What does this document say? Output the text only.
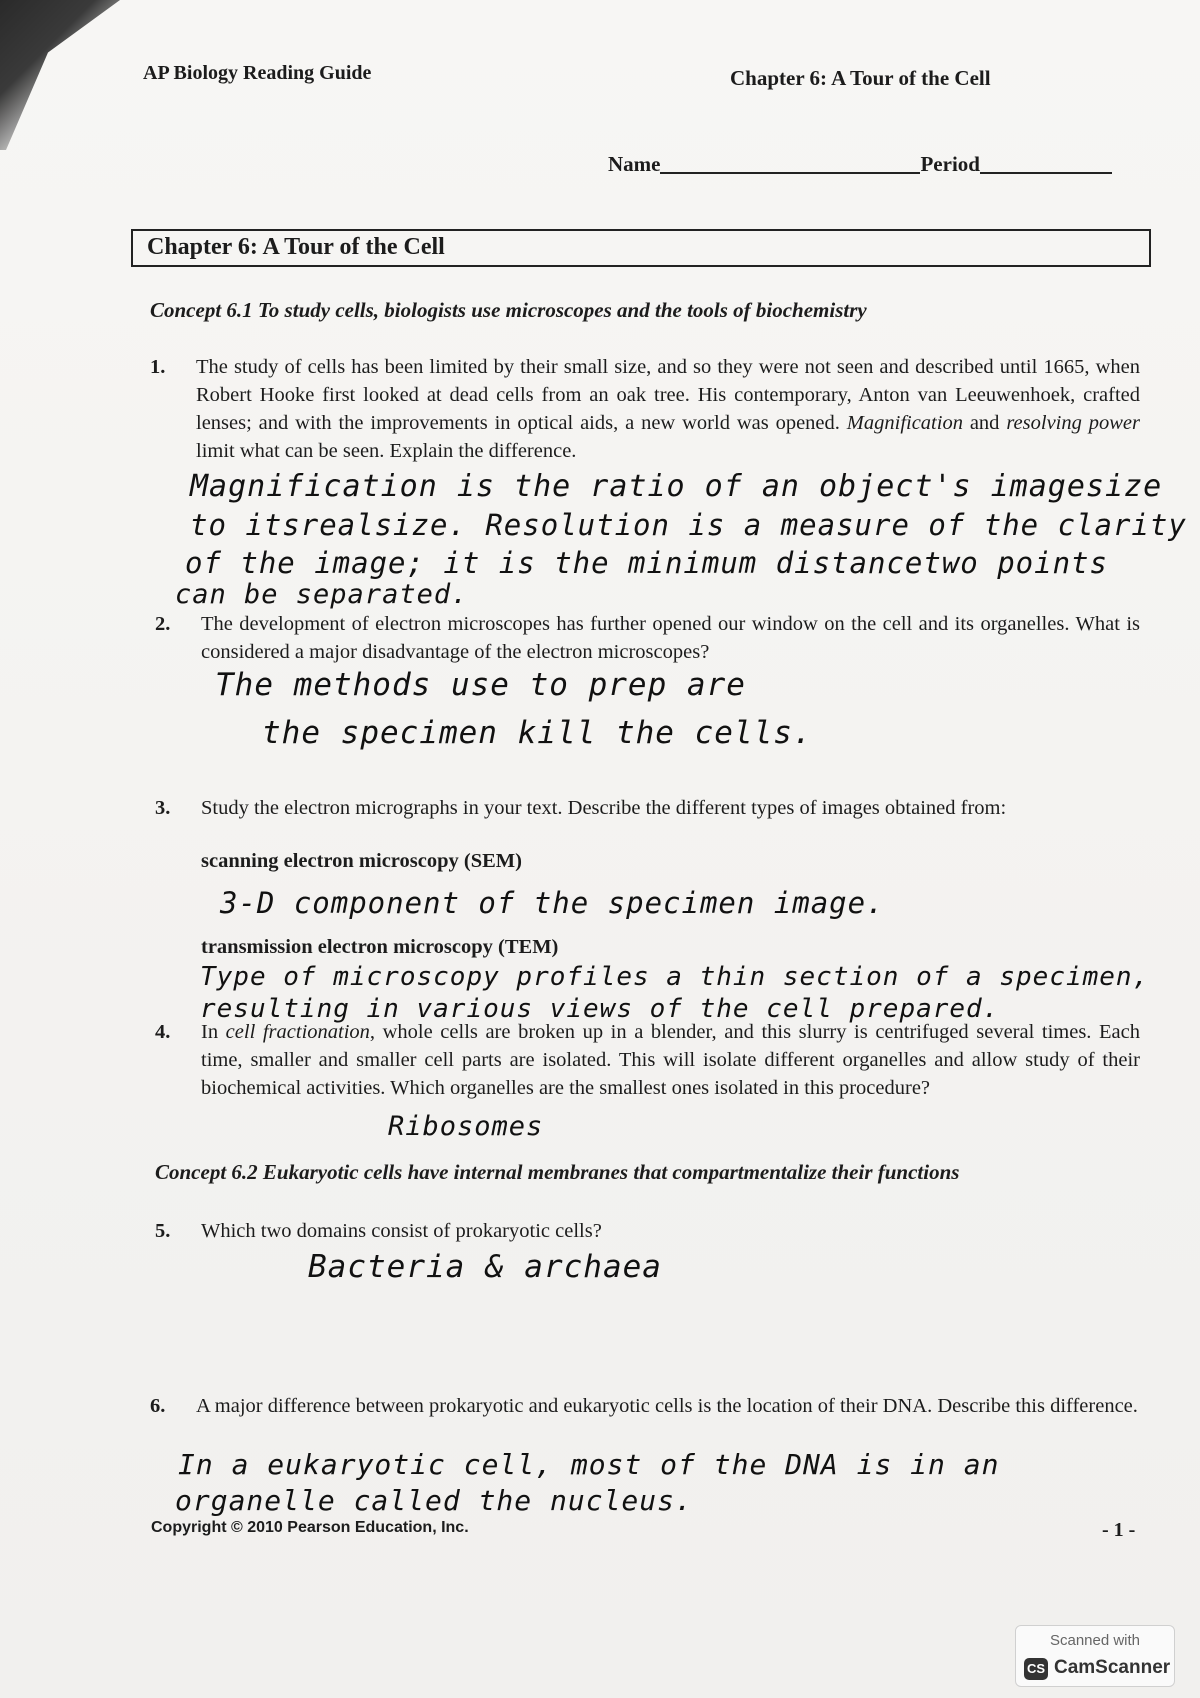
AP Biology Reading Guide	Chapter 6: A Tour of the Cell
Name	Period
Chapter 6: A Tour of the Cell
Concept 6.1 To study cells, biologists use microscopes and the tools of biochemistry
1. The study of cells has been limited by their small size, and so they were not seen and described until 1665, when Robert Hooke first looked at dead cells from an oak tree. His contemporary, Anton van Leeuwenhoek, crafted lenses; and with the improvements in optical aids, a new world was opened. Magnification and resolving power limit what can be seen. Explain the difference.
Magnification is the ratio of an object's imagesize
to itsrealsize. Resolution is a measure of the clarity
of the image; it is the minimum distancetwo points
can be separated.
2. The development of electron microscopes has further opened our window on the cell and its organelles. What is considered a major disadvantage of the electron microscopes?
The methods use to prep are
the specimen kill the cells.
3. Study the electron micrographs in your text. Describe the different types of images obtained from:
scanning electron microscopy (SEM)
3-D component of the specimen image.
transmission electron microscopy (TEM)
Type of microscopy profiles a thin section of a specimen,
resulting in various views of the cell prepared.
4. In cell fractionation, whole cells are broken up in a blender, and this slurry is centrifuged several times. Each time, smaller and smaller cell parts are isolated. This will isolate different organelles and allow study of their biochemical activities. Which organelles are the smallest ones isolated in this procedure?
Ribosomes
Concept 6.2 Eukaryotic cells have internal membranes that compartmentalize their functions
5. Which two domains consist of prokaryotic cells?
Bacteria & archaea
6. A major difference between prokaryotic and eukaryotic cells is the location of their DNA. Describe this difference.
In a eukaryotic cell, most of the DNA is in an
organelle called the nucleus.
Copyright © 2010 Pearson Education, Inc.	- 1 -
Scanned with
CS CamScanner
